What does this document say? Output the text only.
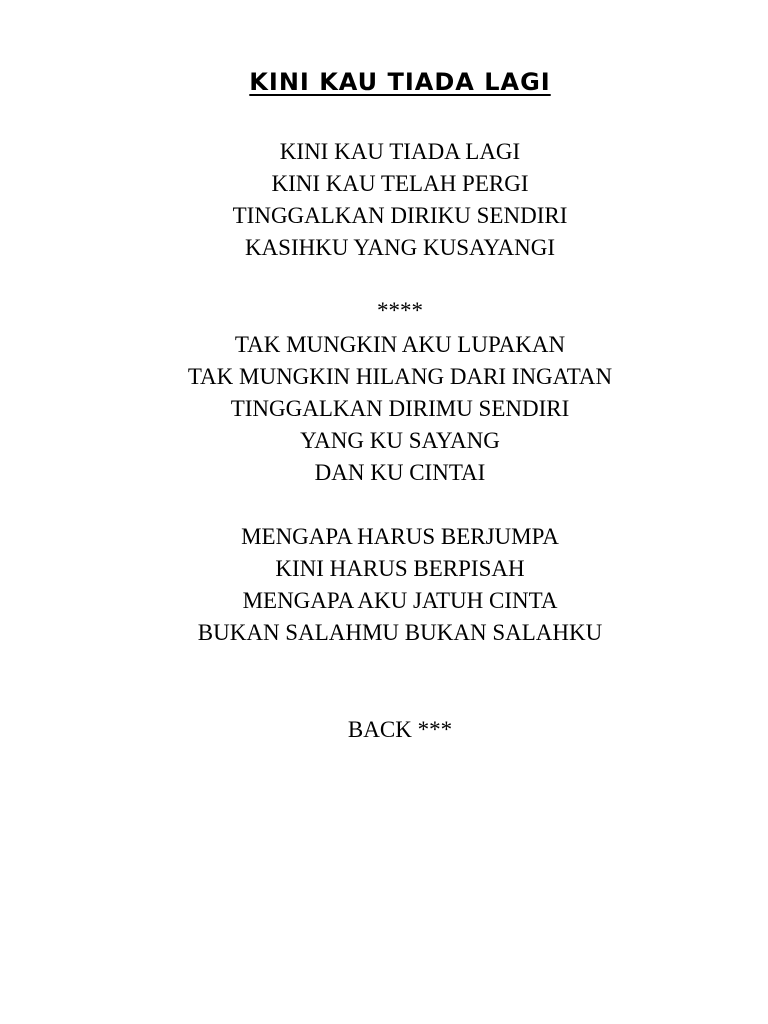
KINI KAU TIADA LAGI
KINI KAU TIADA LAGI
KINI KAU TELAH PERGI
TINGGALKAN DIRIKU SENDIRI
KASIHKU YANG KUSAYANGI
****
TAK MUNGKIN AKU LUPAKAN
TAK MUNGKIN HILANG DARI INGATAN
TINGGALKAN DIRIMU SENDIRI
YANG KU SAYANG
DAN KU CINTAI
MENGAPA HARUS BERJUMPA
KINI HARUS BERPISAH
MENGAPA AKU JATUH CINTA
BUKAN SALAHMU BUKAN SALAHKU
BACK ***
